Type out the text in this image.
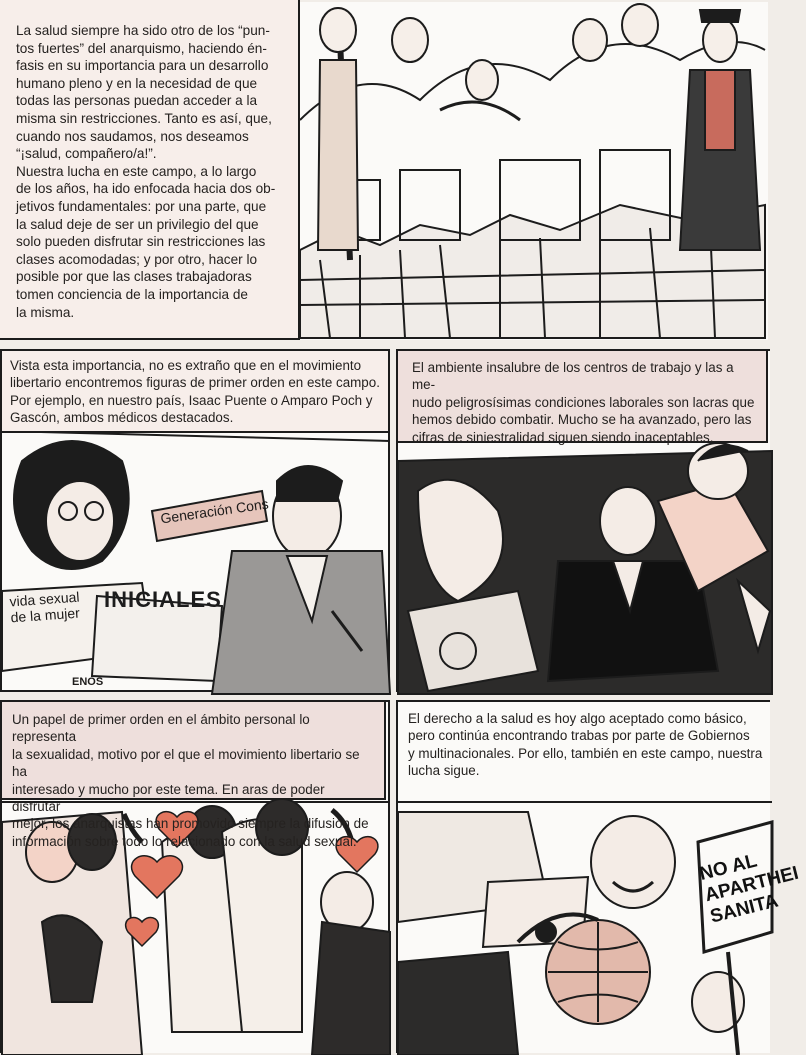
La salud siempre ha sido otro de los “pun-
tos fuertes” del anarquismo, haciendo én-
fasis en su importancia para un desarrollo
humano pleno y en la necesidad de que
todas las personas puedan acceder a la
misma sin restricciones. Tanto es así, que,
cuando nos saudamos, nos deseamos
“¡salud, compañero/a!”.
Nuestra lucha en este campo, a lo largo
de los años, ha ido enfocada hacia dos ob-
jetivos fundamentales: por una parte, que
la salud deje de ser un privilegio del que
solo pueden disfrutar sin restricciones las
clases acomodadas; y por otro, hacer lo
posible por que las clases trabajadoras
tomen conciencia de la importancia de
la misma.
Generación Cons
INICIALES
vida sexual
de la mujer
ENOS
Vista esta importancia, no es extraño que en el movimiento
libertario encontremos figuras de primer orden en este campo.
Por ejemplo, en nuestro país, Isaac Puente o Amparo Poch y
Gascón, ambos médicos destacados.
El ambiente insalubre de los centros de trabajo y las a me-
nudo peligrosísimas condiciones laborales son lacras que
hemos debido combatir. Mucho se ha avanzado, pero las
cifras de siniestralidad siguen siendo inaceptables.
Un papel de primer orden en el ámbito personal lo representa
la sexualidad, motivo por el que el movimiento libertario se ha
interesado y mucho por este tema. En aras de poder disfrutar
mejor, los anarquistas han promovido siempre la difusión de
información sobre todo lo relacionado con la salud sexual.
NO AL
APARTHEI
SANITA
El derecho a la salud es hoy algo aceptado como básico,
pero continúa encontrando trabas por parte de Gobiernos
y multinacionales. Por ello, también en este campo, nuestra
lucha sigue.
